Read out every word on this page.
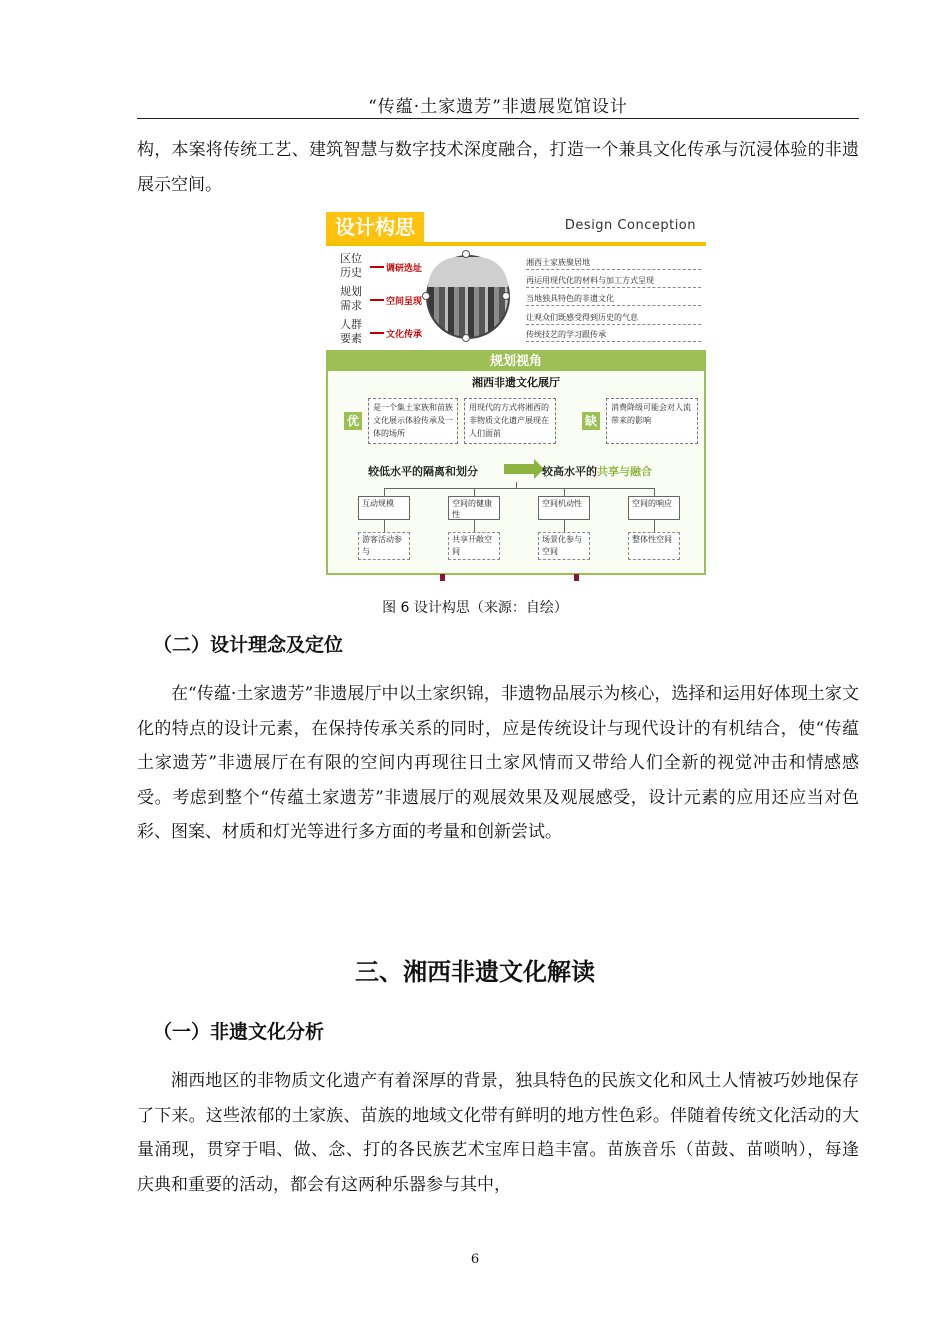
“传蕴·土家遗芳”非遗展览馆设计

构，本案将传统工艺、建筑智慧与数字技术深度融合，打造一个兼具文化传承与沉浸体验的非遗展示空间。

设计构思	Design Conception
区位
历史
规划
需求
人群
要素
调研选址
空间呈现
文化传承
湘西土家族聚居地
再运用现代化的材料与加工方式呈现
当地独具特色的非遗文化
让观众们既感受得到历史的气息
传统技艺的学习跟传承
规划视角
湘西非遗文化展厅
优
是一个集土家族和苗族文化展示体验传承及一体的场所
用现代的方式将湘西的非物质文化遗产展现在人们面前
缺
消费降级可能会对人流带来的影响
较低水平的隔离和划分	较高水平的共享与融合
互动规模	空间的健康性
空间机动性	空间的响应
游客活动参与
共享开敞空间
场景化参与空间
整体性空间
图 6 设计构思（来源：自绘）
（二）设计理念及定位

在“传蕴·土家遗芳”非遗展厅中以土家织锦，非遗物品展示为核心，选择和运用好体现土家文化的特点的设计元素，在保持传承关系的同时，应是传统设计与现代设计的有机结合，使“传蕴 土家遗芳”非遗展厅在有限的空间内再现往日土家风情而又带给人们全新的视觉冲击和情感感受。考虑到整个“传蕴土家遗芳”非遗展厅的观展效果及观展感受，设计元素的应用还应当对色彩、图案、材质和灯光等进行多方面的考量和创新尝试。

三、湘西非遗文化解读
（一）非遗文化分析

湘西地区的非物质文化遗产有着深厚的背景，独具特色的民族文化和风土人情被巧妙地保存了下来。这些浓郁的土家族、苗族的地域文化带有鲜明的地方性色彩。伴随着传统文化活动的大量涌现，贯穿于唱、做、念、打的各民族艺术宝库日趋丰富。苗族音乐（苗鼓、苗唢呐），每逢庆典和重要的活动，都会有这两种乐器参与其中，

6
